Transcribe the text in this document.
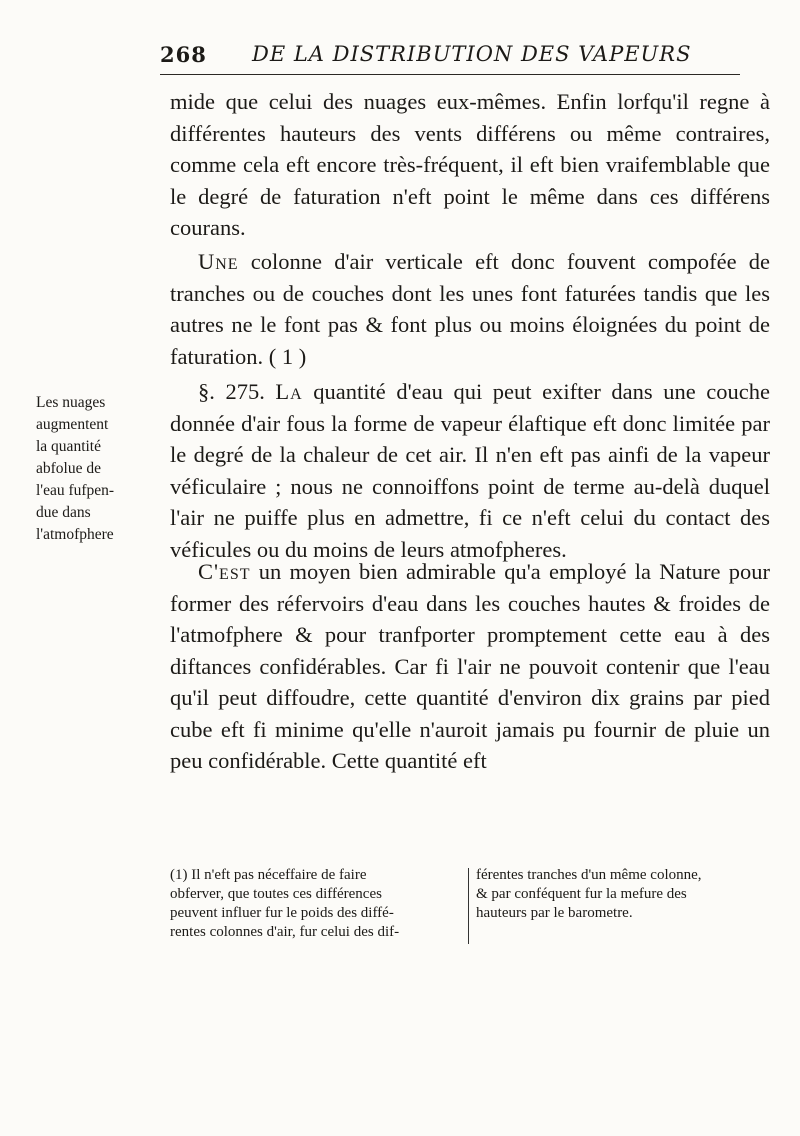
268 DE LA DISTRIBUTION DES VAPEURS

mide que celui des nuages eux-mêmes. Enfin lorfqu'il regne à différentes hauteurs des vents différens ou même contraires, comme cela eft encore très-fréquent, il eft bien vraifemblable que le degré de faturation n'eft point le même dans ces différens courans.

Une colonne d'air verticale eft donc fouvent compofée de tranches ou de couches dont les unes font faturées tandis que les autres ne le font pas & font plus ou moins éloignées du point de faturation. ( 1 )

Les nuages
augmentent
la quantité
abfolue de
l'eau fufpen-
due dans
l'atmofphere

§. 275. La quantité d'eau qui peut exifter dans une couche donnée d'air fous la forme de vapeur élaftique eft donc limitée par le degré de la chaleur de cet air. Il n'en eft pas ainfi de la vapeur véficulaire ; nous ne connoiffons point de terme au-delà duquel l'air ne puiffe plus en admettre, fi ce n'eft celui du contact des véficules ou du moins de leurs atmofpheres.

C'est un moyen bien admirable qu'a employé la Nature pour former des réfervoirs d'eau dans les couches hautes & froides de l'atmofphere & pour tranfporter promptement cette eau à des diftances confidérables. Car fi l'air ne pouvoit contenir que l'eau qu'il peut diffoudre, cette quantité d'environ dix grains par pied cube eft fi minime qu'elle n'auroit jamais pu fournir de pluie un peu confidérable. Cette quantité eft

(1) Il n'eft pas néceffaire de faire
obferver, que toutes ces différences
peuvent influer fur le poids des diffé-
rentes colonnes d'air, fur celui des dif-
férentes tranches d'un même colonne,
& par conféquent fur la mefure des
hauteurs par le barometre.
